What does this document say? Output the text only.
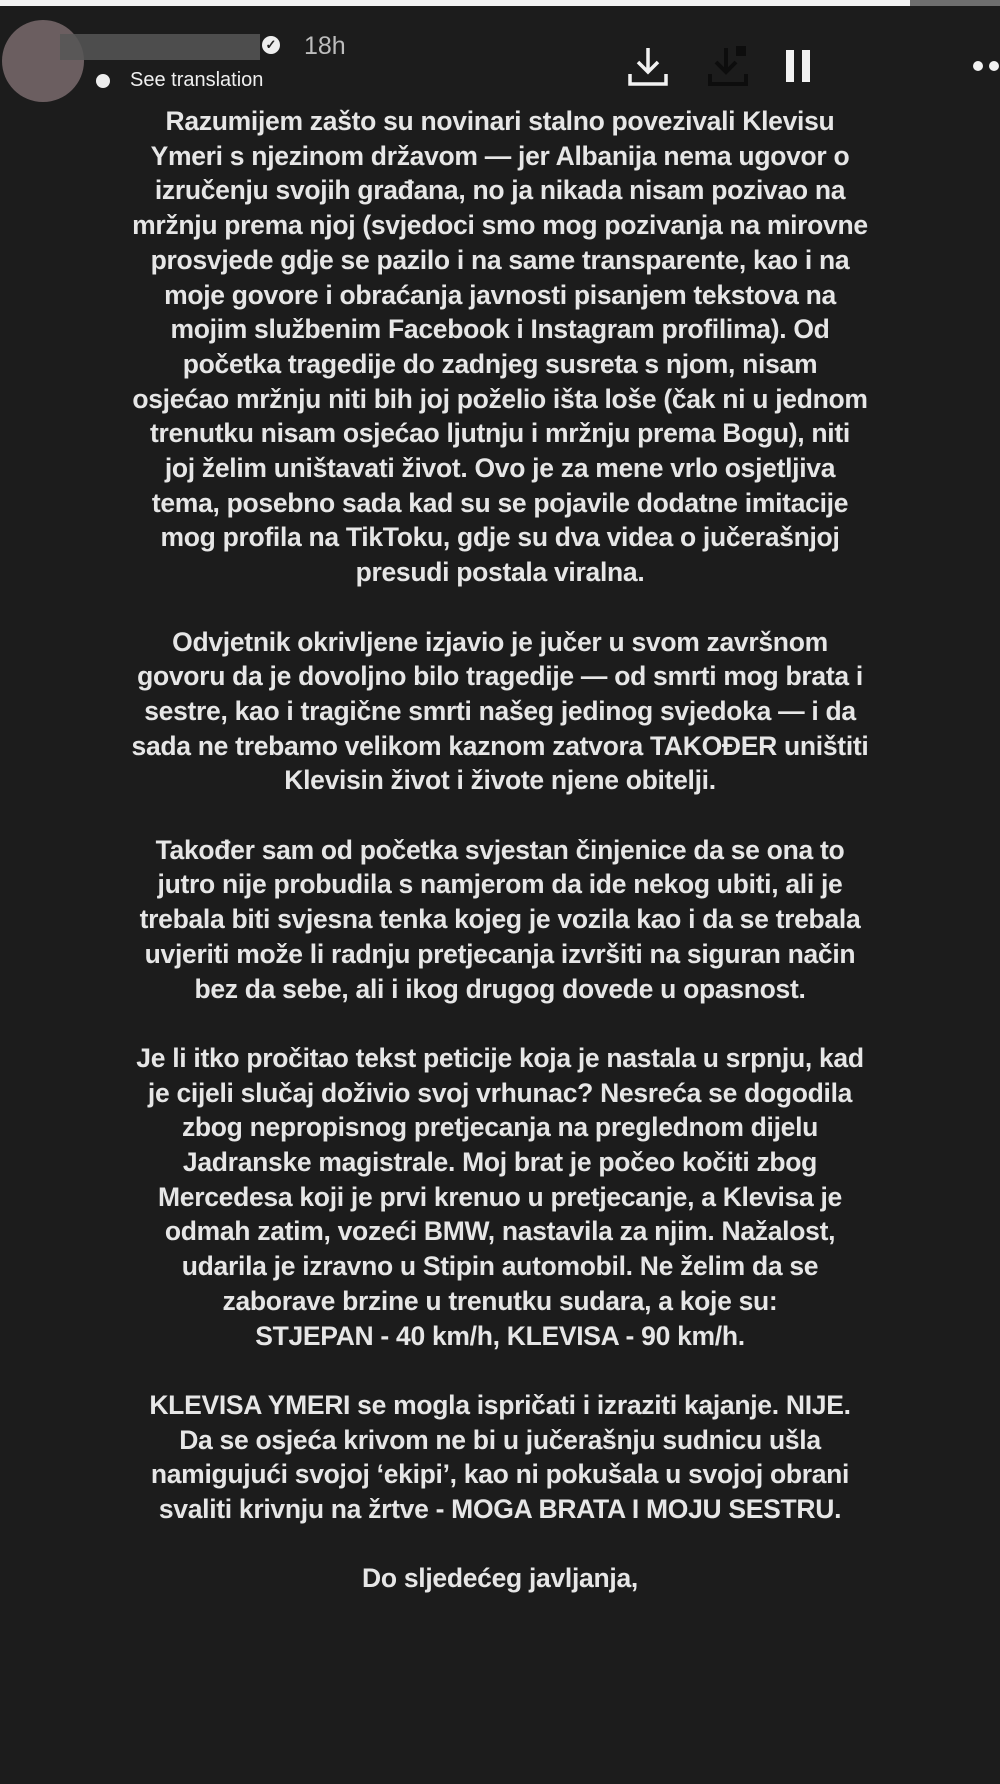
Razumijem zašto su novinari stalno povezivali Klevisu
Ymeri s njezinom državom — jer Albanija nema ugovor o
izručenju svojih građana, no ja nikada nisam pozivao na
mržnju prema njoj (svjedoci smo mog pozivanja na mirovne
prosvjede gdje se pazilo i na same transparente, kao i na
moje govore i obraćanja javnosti pisanjem tekstova na
mojim službenim Facebook i Instagram profilima). Od
početka tragedije do zadnjeg susreta s njom, nisam
osjećao mržnju niti bih joj poželio išta loše (čak ni u jednom
trenutku nisam osjećao ljutnju i mržnju prema Bogu), niti
joj želim uništavati život. Ovo je za mene vrlo osjetljiva
tema, posebno sada kad su se pojavile dodatne imitacije
mog profila na TikToku, gdje su dva videa o jučerašnjoj
presudi postala viralna.
Odvjetnik okrivljene izjavio je jučer u svom završnom
govoru da je dovoljno bilo tragedije — od smrti mog brata i
sestre, kao i tragične smrti našeg jedinog svjedoka — i da
sada ne trebamo velikom kaznom zatvora TAKOĐER uništiti
Klevisin život i živote njene obitelji.
Također sam od početka svjestan činjenice da se ona to
jutro nije probudila s namjerom da ide nekog ubiti, ali je
trebala biti svjesna tenka kojeg je vozila kao i da se trebala
uvjeriti može li radnju pretjecanja izvršiti na siguran način
bez da sebe, ali i ikog drugog dovede u opasnost.
Je li itko pročitao tekst peticije koja je nastala u srpnju, kad
je cijeli slučaj doživio svoj vrhunac? Nesreća se dogodila
zbog nepropisnog pretjecanja na preglednom dijelu
Jadranske magistrale. Moj brat je počeo kočiti zbog
Mercedesa koji je prvi krenuo u pretjecanje, a Klevisa je
odmah zatim, vozeći BMW, nastavila za njim. Nažalost,
udarila je izravno u Stipin automobil. Ne želim da se
zaborave brzine u trenutku sudara, a koje su:
STJEPAN - 40 km/h, KLEVISA - 90 km/h.
KLEVISA YMERI se mogla ispričati i izraziti kajanje. NIJE.
Da se osjeća krivom ne bi u jučerašnju sudnicu ušla
namigujući svojoj ‘ekipi’, kao ni pokušala u svojoj obrani
svaliti krivnju na žrtve - MOGA BRATA I MOJU SESTRU.
Do sljedećeg javljanja,
✓ 18h
See translation
